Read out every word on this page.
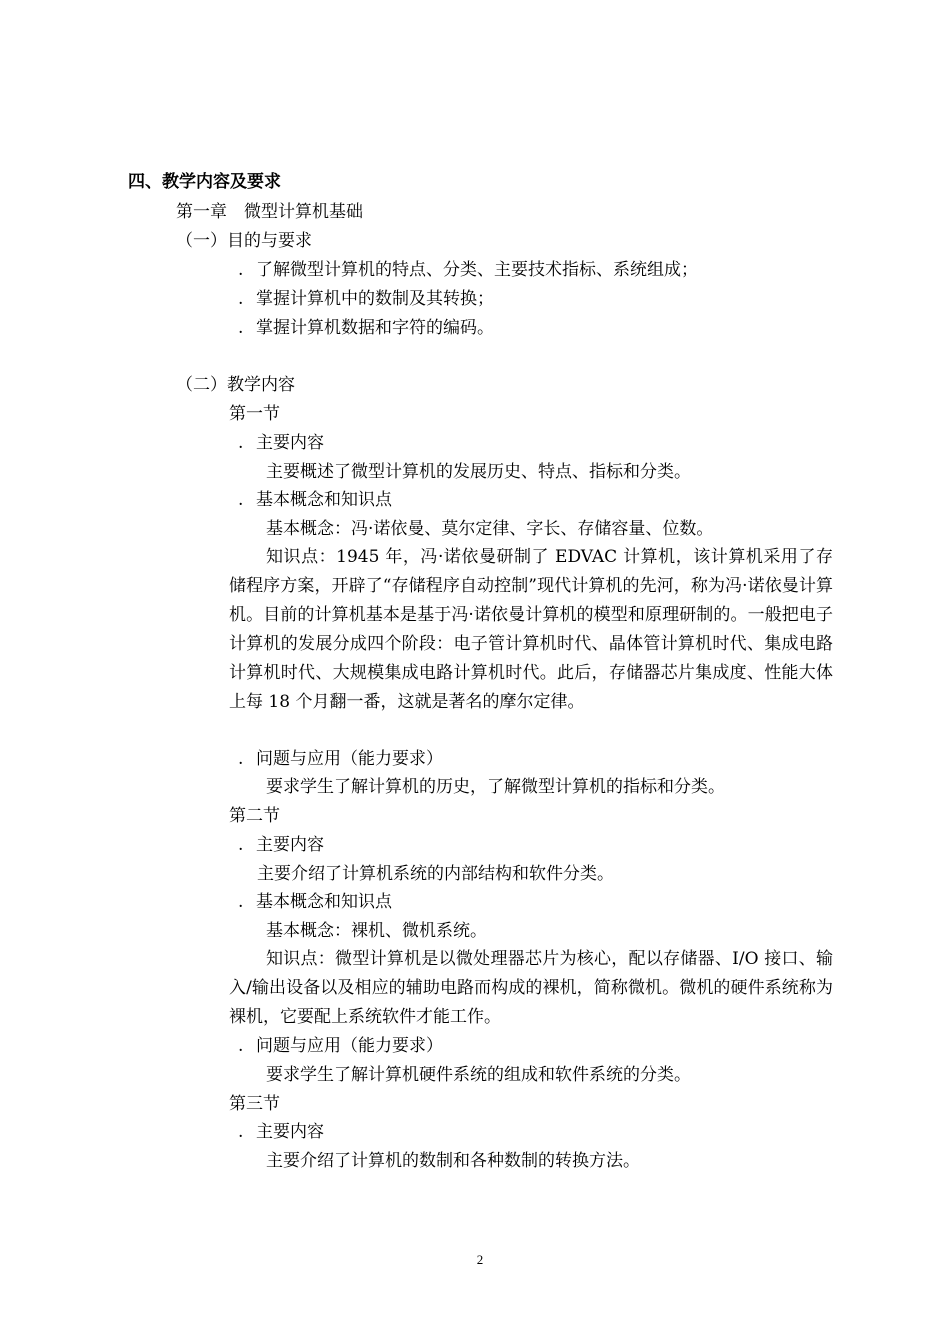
四、教学内容及要求
第一章　微型计算机基础
（一）目的与要求
. 了解微型计算机的特点、分类、主要技术指标、系统组成；
. 掌握计算机中的数制及其转换；
. 掌握计算机数据和字符的编码。
（二）教学内容
第一节
. 主要内容
主要概述了微型计算机的发展历史、特点、指标和分类。
. 基本概念和知识点
基本概念：冯·诺依曼、莫尔定律、字长、存储容量、位数。
知识点：1945 年，冯·诺依曼研制了 EDVAC 计算机，该计算机采用了存储程序方案，开辟了“存储程序自动控制”现代计算机的先河，称为冯·诺依曼计算机。目前的计算机基本是基于冯·诺依曼计算机的模型和原理研制的。一般把电子计算机的发展分成四个阶段：电子管计算机时代、晶体管计算机时代、集成电路计算机时代、大规模集成电路计算机时代。此后，存储器芯片集成度、性能大体上每 18 个月翻一番，这就是著名的摩尔定律。
. 问题与应用（能力要求）
要求学生了解计算机的历史，了解微型计算机的指标和分类。
第二节
. 主要内容
主要介绍了计算机系统的内部结构和软件分类。
. 基本概念和知识点
基本概念：裸机、微机系统。
知识点：微型计算机是以微处理器芯片为核心，配以存储器、I/O 接口、输入/输出设备以及相应的辅助电路而构成的裸机，简称微机。微机的硬件系统称为裸机，它要配上系统软件才能工作。
. 问题与应用（能力要求）
要求学生了解计算机硬件系统的组成和软件系统的分类。
第三节
. 主要内容
主要介绍了计算机的数制和各种数制的转换方法。
2
